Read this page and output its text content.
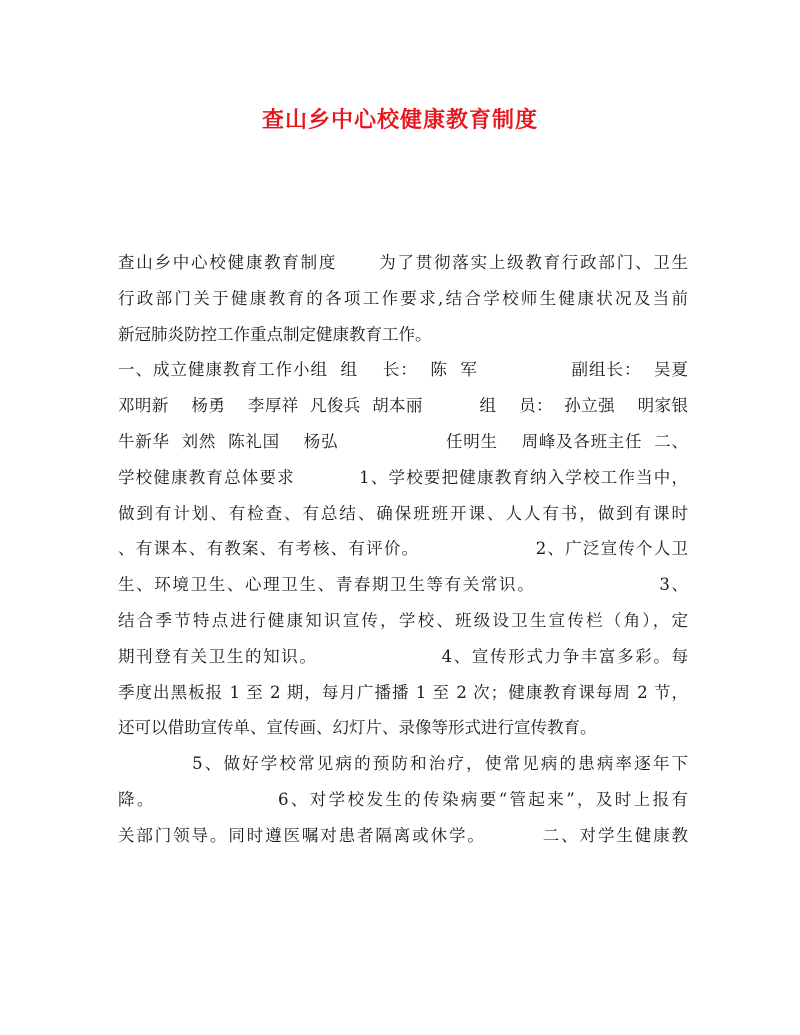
查山乡中心校健康教育制度
查山乡中心校健康教育制度      为了贯彻落实上级教育行政部门、卫生
行政部门关于健康教育的各项工作要求,结合学校师生健康状况及当前
新冠肺炎防控工作重点制定健康教育工作。
一、成立健康教育工作小组  组    长：  陈  军               副组长：  吴夏
邓明新    杨勇    李厚祥  凡俊兵  胡本丽          组    员：  孙立强    明家银
牛新华  刘然  陈礼国    杨弘                  任明生    周峰及各班主任  二、
学校健康教育总体要求          1、学校要把健康教育纳入学校工作当中，
做到有计划、有检查、有总结、确保班班开课、人人有书，做到有课时
、有课本、有教案、有考核、有评价。                  2、广泛宣传个人卫
生、环境卫生、心理卫生、青春期卫生等有关常识。                  3、
结合季节特点进行健康知识宣传，学校、班级设卫生宣传栏（角），定
期刊登有关卫生的知识。                  4、宣传形式力争丰富多彩。每
季度出黑板报 1 至 2 期，每月广播播 1 至 2 次；健康教育课每周 2 节，
还可以借助宣传单、宣传画、幻灯片、录像等形式进行宣传教育。
5、做好学校常见病的预防和治疗，使常见病的患病率逐年下
降。                6、对学校发生的传染病要“管起来”，及时上报有
关部门领导。同时遵医嘱对患者隔离或休学。        二、对学生健康教
